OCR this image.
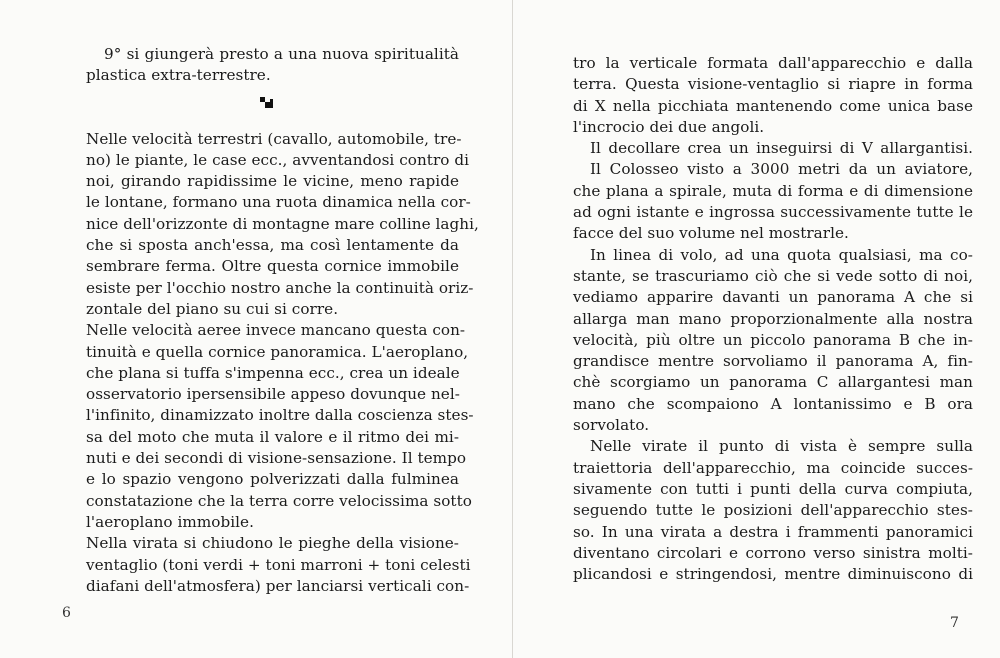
9° si giungerà presto a una nuova spiritualità
plastica extra-terrestre.
Nelle velocità terrestri (cavallo, automobile, tre-
no) le piante, le case ecc., avventandosi contro di
noi, girando rapidissime le vicine, meno rapide
le lontane, formano una ruota dinamica nella cor-
nice dell'orizzonte di montagne mare colline laghi,
che si sposta anch'essa, ma così lentamente da
sembrare ferma. Oltre questa cornice immobile
esiste per l'occhio nostro anche la continuità oriz-
zontale del piano su cui si corre.
Nelle velocità aeree invece mancano questa con-
tinuità e quella cornice panoramica. L'aeroplano,
che plana si tuffa s'impenna ecc., crea un ideale
osservatorio ipersensibile appeso dovunque nel-
l'infinito, dinamizzato inoltre dalla coscienza stes-
sa del moto che muta il valore e il ritmo dei mi-
nuti e dei secondi di visione-sensazione. Il tempo
e lo spazio vengono polverizzati dalla fulminea
constatazione che la terra corre velocissima sotto
l'aeroplano immobile.
Nella virata si chiudono le pieghe della visione-
ventaglio (toni verdi + toni marroni + toni celesti
diafani dell'atmosfera) per lanciarsi verticali con-
6
tro la verticale formata dall'apparecchio e dalla
terra. Questa visione-ventaglio si riapre in forma
di X nella picchiata mantenendo come unica base
l'incrocio dei due angoli.
Il decollare crea un inseguirsi di V allargantisi.
Il Colosseo visto a 3000 metri da un aviatore,
che plana a spirale, muta di forma e di dimensione
ad ogni istante e ingrossa successivamente tutte le
facce del suo volume nel mostrarle.
In linea di volo, ad una quota qualsiasi, ma co-
stante, se trascuriamo ciò che si vede sotto di noi,
vediamo apparire davanti un panorama A che si
allarga man mano proporzionalmente alla nostra
velocità, più oltre un piccolo panorama B che in-
grandisce mentre sorvoliamo il panorama A, fin-
chè scorgiamo un panorama C allargantesi man
mano che scompaiono A lontanissimo e B ora
sorvolato.
Nelle virate il punto di vista è sempre sulla
traiettoria dell'apparecchio, ma coincide succes-
sivamente con tutti i punti della curva compiuta,
seguendo tutte le posizioni dell'apparecchio stes-
so. In una virata a destra i frammenti panoramici
diventano circolari e corrono verso sinistra molti-
plicandosi e stringendosi, mentre diminuiscono di
7
